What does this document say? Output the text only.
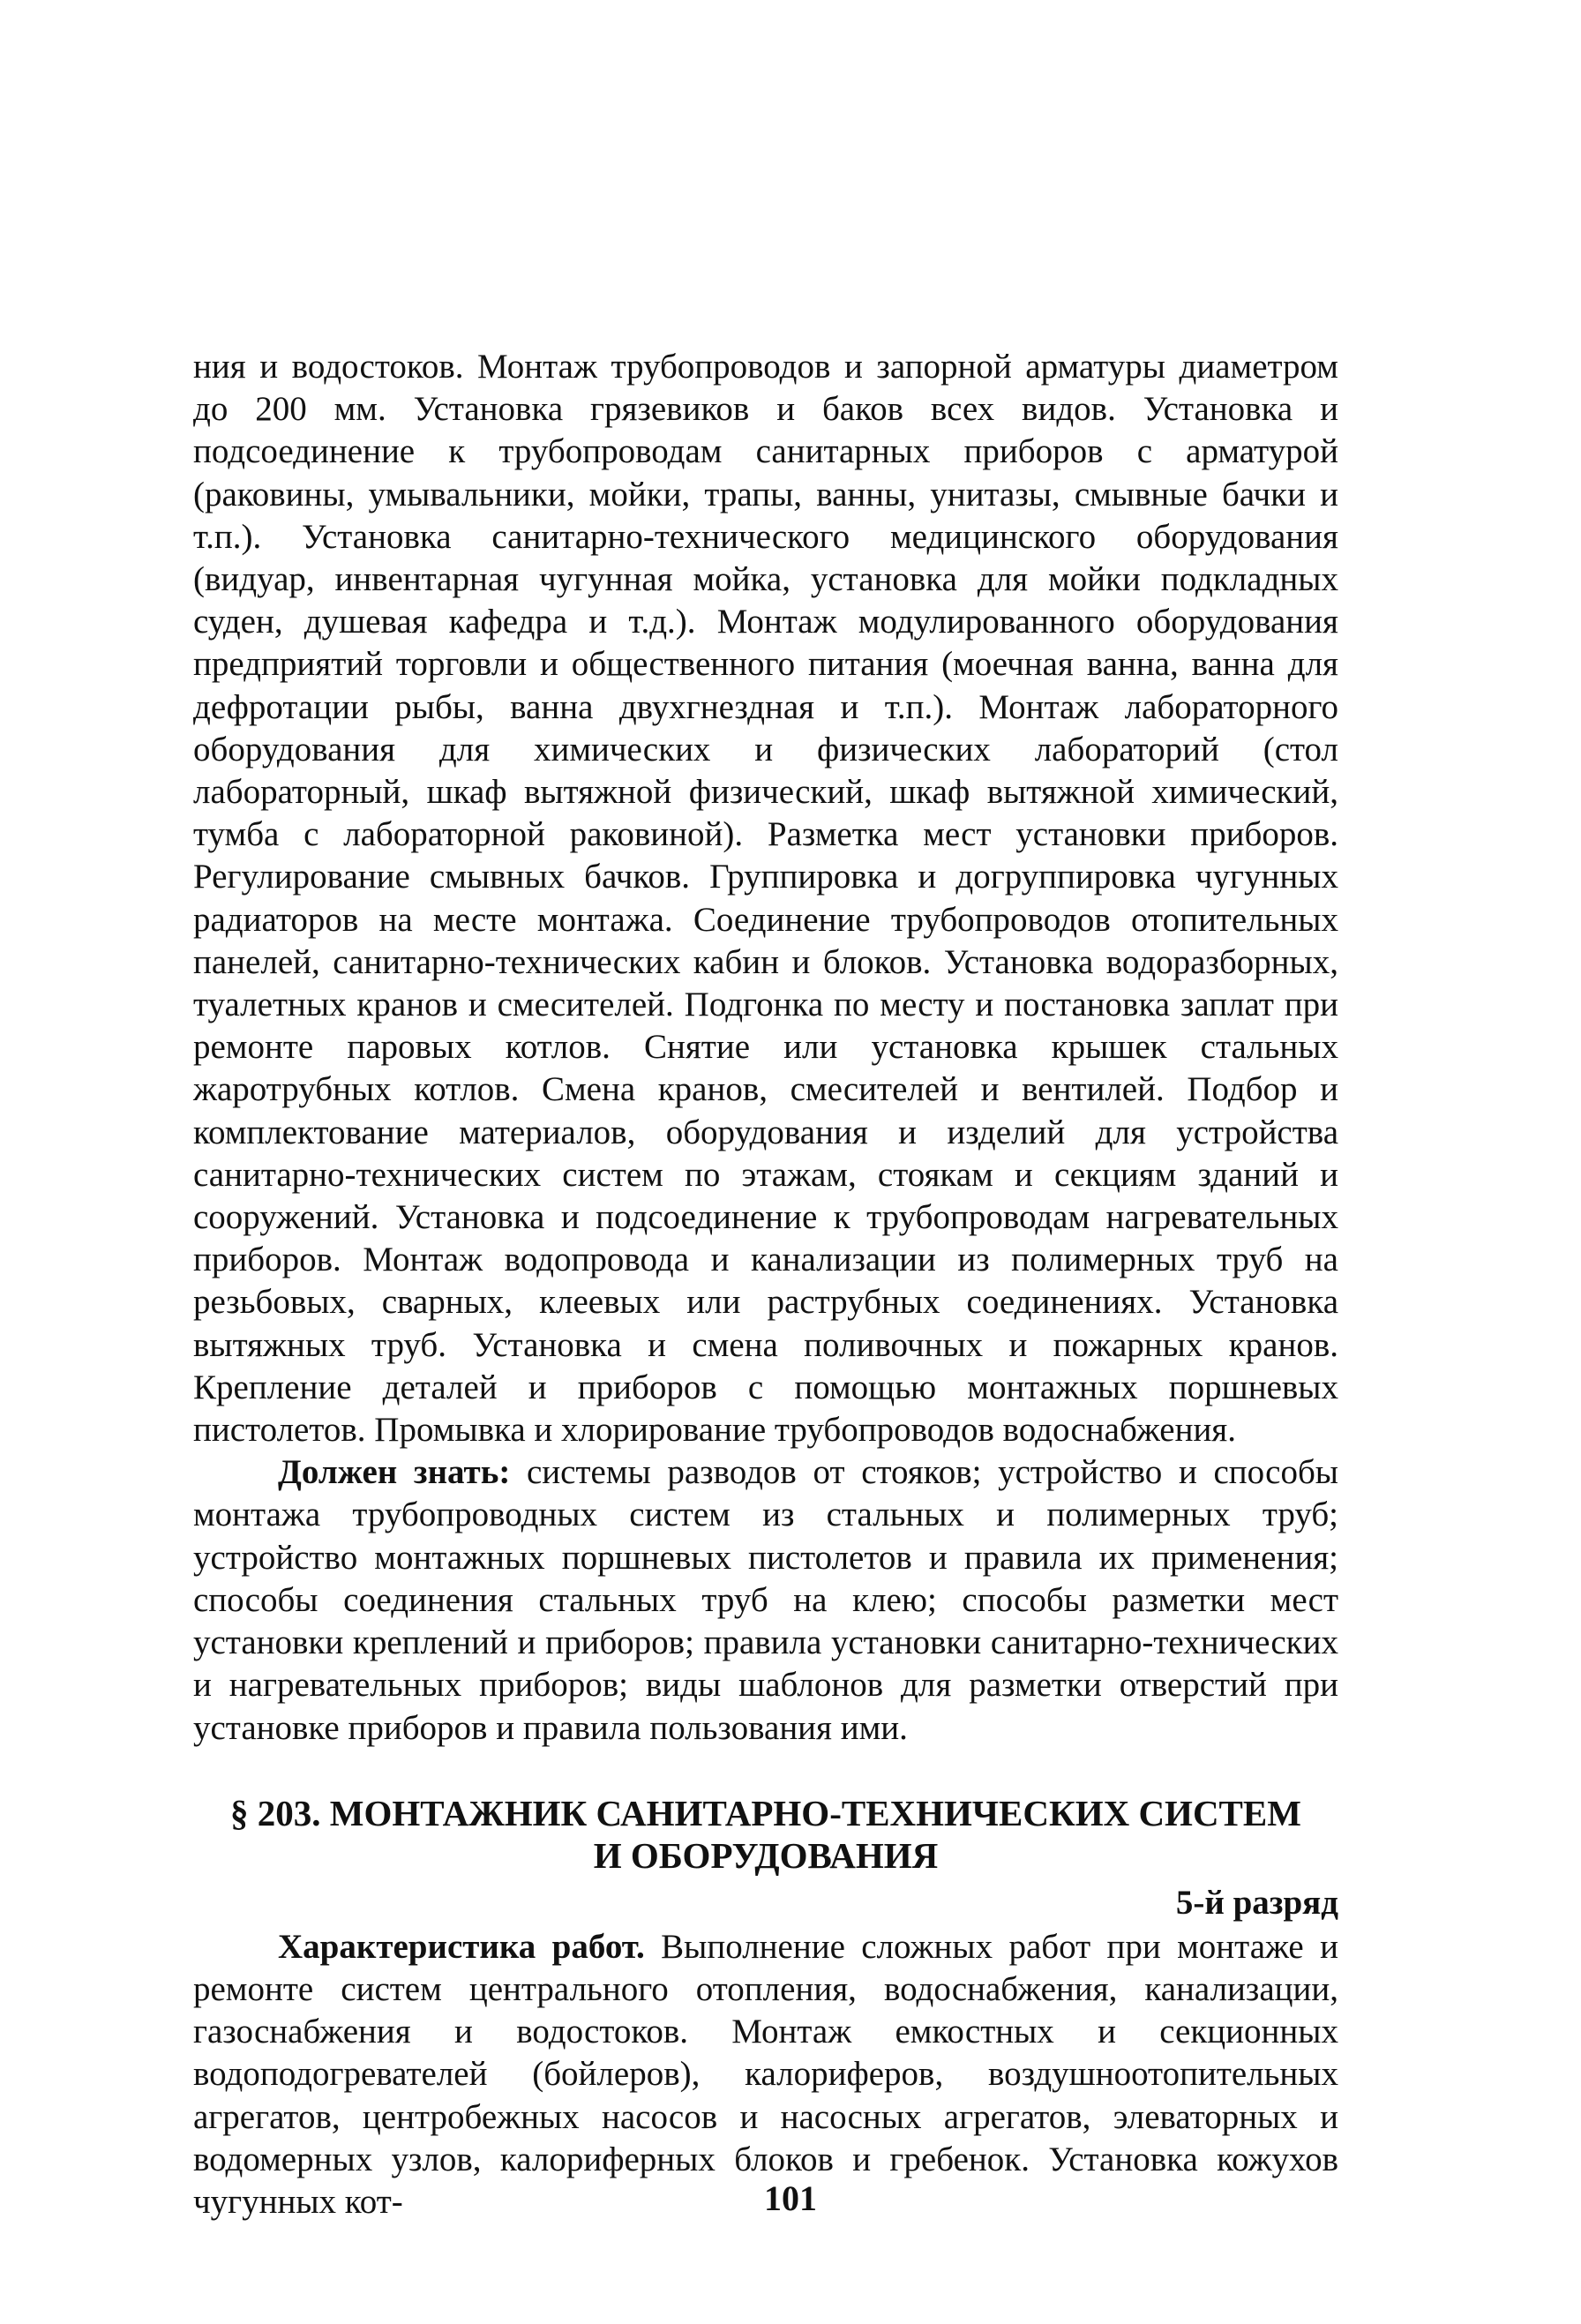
ния и водостоков. Монтаж трубопроводов и запорной арматуры диаметром до 200 мм. Установка грязевиков и баков всех видов. Установка и подсоединение к трубопроводам санитарных приборов с арматурой (раковины, умывальники, мойки, трапы, ванны, унитазы, смывные бачки и т.п.). Установка санитарно-технического медицинского оборудования (видуар, инвентарная чугунная мойка, установка для мойки подкладных суден, душевая кафедра и т.д.). Монтаж модулированного оборудования предприятий торговли и общественного питания (моечная ванна, ванна для дефротации рыбы, ванна двухгнездная и т.п.). Монтаж лабораторного оборудования для химических и физических лабораторий (стол лабораторный, шкаф вытяжной физический, шкаф вытяжной химический, тумба с лабораторной раковиной). Разметка мест установки приборов. Регулирование смывных бачков. Группировка и догруппировка чугунных радиаторов на месте монтажа. Соединение трубопроводов отопительных панелей, санитарно-технических кабин и блоков. Установка водоразборных, туалетных кранов и смесителей. Подгонка по месту и постановка заплат при ремонте паровых котлов. Снятие или установка крышек стальных жаротрубных котлов. Смена кранов, смесителей и вентилей. Подбор и комплектование материалов, оборудования и изделий для устройства санитарно-технических систем по этажам, стоякам и секциям зданий и сооружений. Установка и подсоединение к трубопроводам нагревательных приборов. Монтаж водопровода и канализации из полимерных труб на резьбовых, сварных, клеевых или раструбных соединениях. Установка вытяжных труб. Установка и смена поливочных и пожарных кранов. Крепление деталей и приборов с помощью монтажных поршневых пистолетов. Промывка и хлорирование трубопроводов водоснабжения.

Должен знать: системы разводов от стояков; устройство и способы монтажа трубопроводных систем из стальных и полимерных труб; устройство монтажных поршневых пистолетов и правила их применения; способы соединения стальных труб на клею; способы разметки мест установки креплений и приборов; правила установки санитарно-технических и нагревательных приборов; виды шаблонов для разметки отверстий при установке приборов и правила пользования ими.

§ 203. МОНТАЖНИК САНИТАРНО-ТЕХНИЧЕСКИХ СИСТЕМ
И ОБОРУДОВАНИЯ
5-й разряд

Характеристика работ. Выполнение сложных работ при монтаже и ремонте систем центрального отопления, водоснабжения, канализации, газоснабжения и водостоков. Монтаж емкостных и секционных водоподогревателей (бойлеров), калориферов, воздушноотопительных агрегатов, центробежных насосов и насосных агрегатов, элеваторных и водомерных узлов, калориферных блоков и гребенок. Установка кожухов чугунных кот-	101
